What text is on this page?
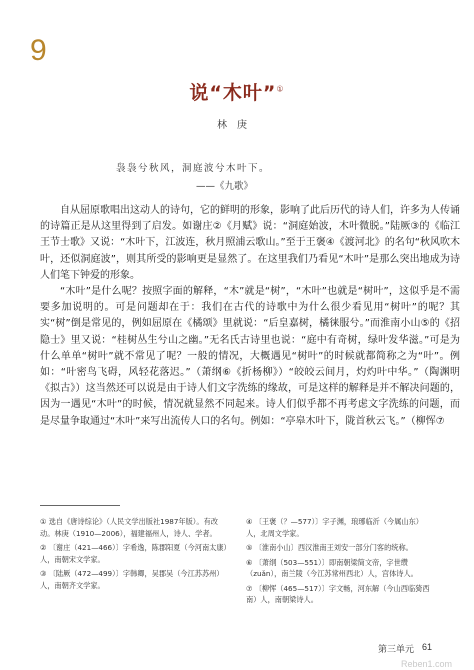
9
说“木叶”①
林庚
袅袅兮秋风，洞庭波兮木叶下。
——《九歌》

自从屈原歌唱出这动人的诗句，它的鲜明的形象，影响了此后历代的诗人们，许多为人传诵的诗篇正是从这里得到了启发。如谢庄②《月赋》说：“洞庭始波，木叶微脱。”陆厥③的《临江王节士歌》又说：“木叶下，江波连，秋月照浦云歌山。”至于王褒④《渡河北》的名句“秋风吹木叶，还似洞庭波”，则其所受的影响更是显然了。在这里我们乃看见“木叶”是那么突出地成为诗人们笔下钟爱的形象。

“木叶”是什么呢？按照字面的解释，“木”就是“树”，“木叶”也就是“树叶”，这似乎是不需要多加说明的。可是问题却在于：我们在古代的诗歌中为什么很少看见用“树叶”的呢？其实“树”倒是常见的，例如屈原在《橘颂》里就说：“后皇嘉树，橘徕服兮。”而淮南小山⑤的《招隐士》里又说：“桂树丛生兮山之幽。”无名氏古诗里也说：“庭中有奇树，绿叶发华滋。”可是为什么单单“树叶”就不常见了呢？一般的情况，大概遇见“树叶”的时候就都简称之为“叶”。例如：“叶密鸟飞碍，风轻花落迟。”（萧纲⑥《折杨柳》）“皎皎云间月，灼灼叶中华。”（陶渊明《拟古》）这当然还可以说是由于诗人们文字洗练的缘故，可是这样的解释是并不解决问题的，因为一遇见“木叶”的时候，情况就显然不同起来。诗人们似乎都不再考虑文字洗练的问题，而是尽量争取通过“木叶”来写出流传人口的名句。例如：“亭皋木叶下，陇首秋云飞。”（柳恽⑦

① 选自《唐诗综论》（人民文学出版社1987年版）。有改动。林庚（1910—2006），福建福州人，诗人、学者。
② 〔谢庄（421—466）〕字希逸，陈郡阳夏（今河南太康）人，南朝宋文学家。
③ 〔陆厥（472—499）〕字韩卿，吴郡吴（今江苏苏州）人，南朝齐文学家。
④ 〔王褒（？—577）〕字子渊，琅琊临沂（今属山东）人，北周文学家。
⑤ 〔淮南小山〕西汉淮南王刘安一部分门客的统称。
⑥ 〔萧纲（503—551）〕即南朝梁简文帝，字世缵（zuǎn），南兰陵（今江苏常州西北）人，宫体诗人。
⑦ 〔柳恽（465—517）〕字文畅，河东解（今山西临猗西南）人，南朝梁诗人。
第三单元 61
Reben1.com
